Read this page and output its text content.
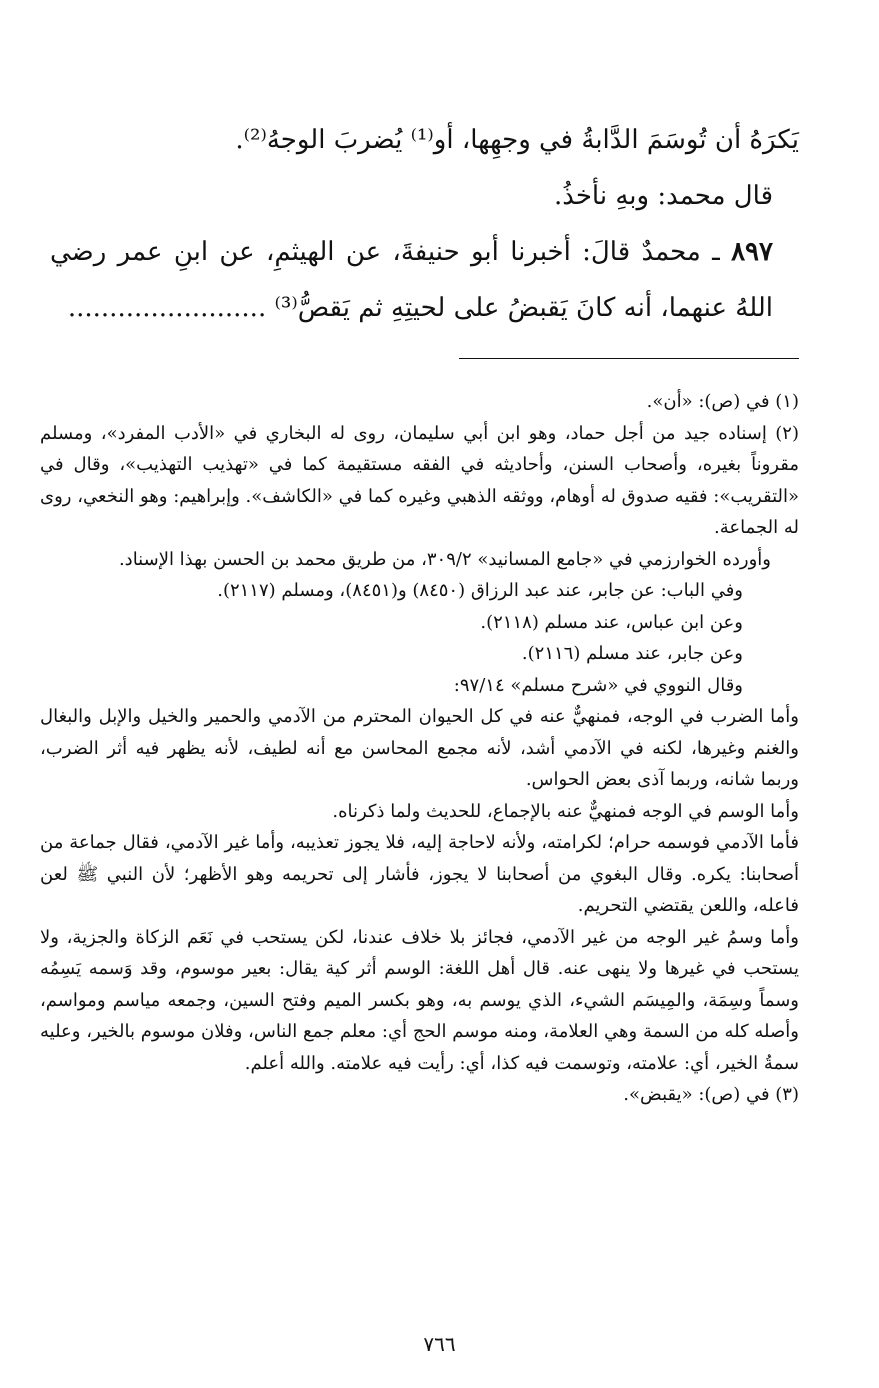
يَكرَهُ أن تُوسَمَ الدَّابةُ في وجهِها، أو⁽¹⁾ يُضربَ الوجهُ⁽²⁾.

قال محمد: وبهِ نأخذُ.

٨٩٧ ـ محمدٌ قالَ: أخبرنا أبو حنيفةَ، عن الهيثمِ، عن ابنِ عمر رضي اللهُ عنهما، أنه كانَ يَقبضُ على لحيتِهِ ثم يَقصُّ⁽³⁾ ........................

(١) في (ص): «أن».

(٢) إسناده جيد من أجل حماد، وهو ابن أبي سليمان، روى له البخاري في «الأدب المفرد»، ومسلم مقروناً بغيره، وأصحاب السنن، وأحاديثه في الفقه مستقيمة كما في «تهذيب التهذيب»، وقال في «التقريب»: فقيه صدوق له أوهام، ووثقه الذهبي وغيره كما في «الكاشف». وإبراهيم: وهو النخعي، روى له الجماعة.

وأورده الخوارزمي في «جامع المسانيد» ٣٠٩/٢، من طريق محمد بن الحسن بهذا الإسناد.

وفي الباب: عن جابر، عند عبد الرزاق (٨٤٥٠) و(٨٤٥١)، ومسلم (٢١١٧).

وعن ابن عباس، عند مسلم (٢١١٨).

وعن جابر، عند مسلم (٢١١٦).

وقال النووي في «شرح مسلم» ٩٧/١٤:

وأما الضرب في الوجه، فمنهيٌّ عنه في كل الحيوان المحترم من الآدمي والحمير والخيل والإبل والبغال والغنم وغيرها، لكنه في الآدمي أشد، لأنه مجمع المحاسن مع أنه لطيف، لأنه يظهر فيه أثر الضرب، وربما شانه، وربما آذى بعض الحواس.

وأما الوسم في الوجه فمنهيٌّ عنه بالإجماع، للحديث ولما ذكرناه.

فأما الآدمي فوسمه حرام؛ لكرامته، ولأنه لاحاجة إليه، فلا يجوز تعذيبه، وأما غير الآدمي، فقال جماعة من أصحابنا: يكره. وقال البغوي من أصحابنا لا يجوز، فأشار إلى تحريمه وهو الأظهر؛ لأن النبي ﷺ لعن فاعله، واللعن يقتضي التحريم.

وأما وسمُ غير الوجه من غير الآدمي، فجائز بلا خلاف عندنا، لكن يستحب في نَعَم الزكاة والجزية، ولا يستحب في غيرها ولا ينهى عنه. قال أهل اللغة: الوسم أثر كية يقال: بعير موسوم، وقد وَسمه يَسِمُه وسماً وسِمَة، والمِيسَم الشيء، الذي يوسم به، وهو بكسر الميم وفتح السين، وجمعه مياسم ومواسم، وأصله كله من السمة وهي العلامة، ومنه موسم الحج أي: معلم جمع الناس، وفلان موسوم بالخير، وعليه سمةُ الخير، أي: علامته، وتوسمت فيه كذا، أي: رأيت فيه علامته. والله أعلم.

(٣) في (ص): «يقبض».

٧٦٦
